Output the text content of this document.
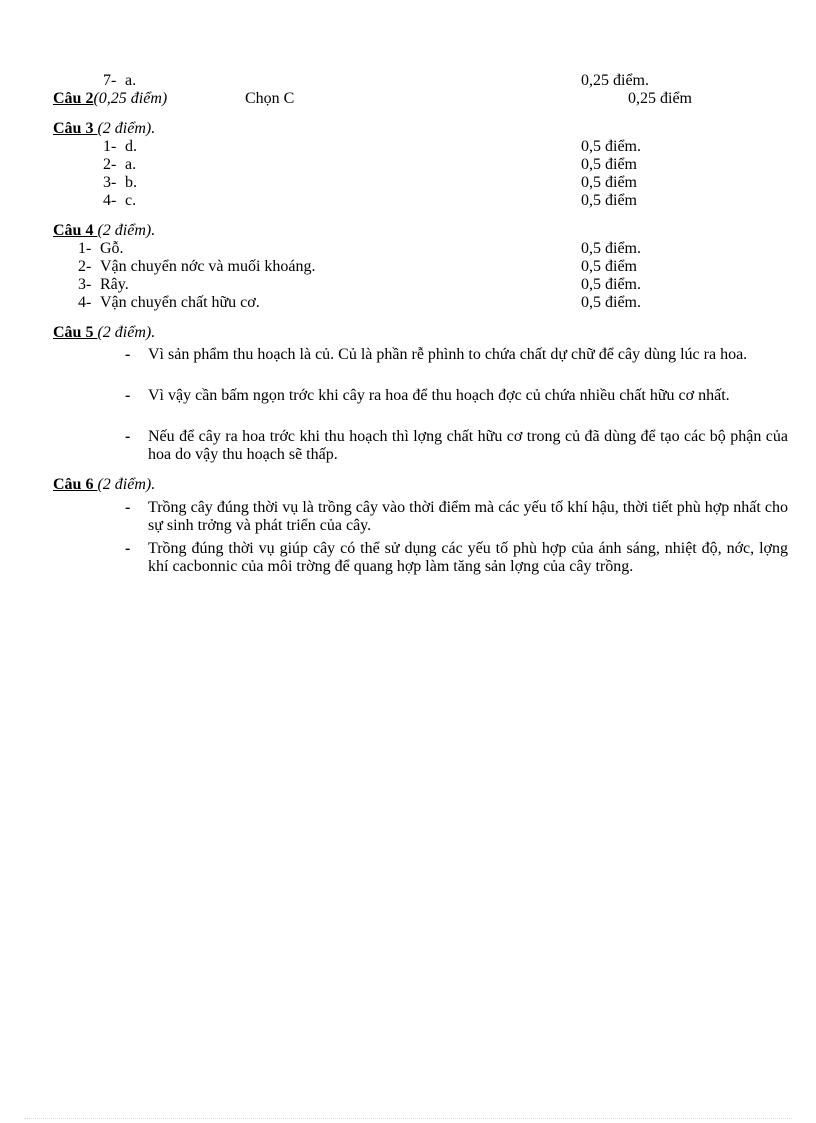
7- a.	0,25 điểm.
Câu 2(0,25 điểm)	Chọn C	0,25 điểm
Câu 3 (2 điểm).
1- d.	0,5 điểm.
2- a.	0,5 điểm
3- b.	0,5 điểm
4- c.	0,5 điểm
Câu 4 (2 điểm).
1- Gỗ.	0,5 điểm.
2- Vận chuyển nớc và muối khoáng.	0,5 điểm
3- Rây.	0,5 điểm.
4- Vận chuyển chất hữu cơ.	0,5 điểm.
Câu 5 (2 điểm).
- Vì sản phẩm thu hoạch là củ. Củ là phần rễ phình to chứa chất dự chữ để cây dùng lúc ra hoa.
- Vì vậy cần bấm ngọn trớc khi cây ra hoa để thu hoạch đợc củ chứa nhiều chất hữu cơ nhất.
- Nếu để cây ra hoa trớc khi thu hoạch thì lợng chất hữu cơ trong củ đã dùng để tạo các bộ phận của hoa do vậy thu hoạch sẽ thấp.
Câu 6 (2 điểm).
- Trồng cây đúng thời vụ là trồng cây vào thời điểm mà các yếu tố khí hậu, thời tiết phù hợp nhất cho sự sinh trởng và phát triển của cây.
- Trồng đúng thời vụ giúp cây có thể sử dụng các yếu tố phù hợp của ánh sáng, nhiệt độ, nớc, lợng khí cacbonnic của môi trờng để quang hợp làm tăng sản lợng của cây trồng.
